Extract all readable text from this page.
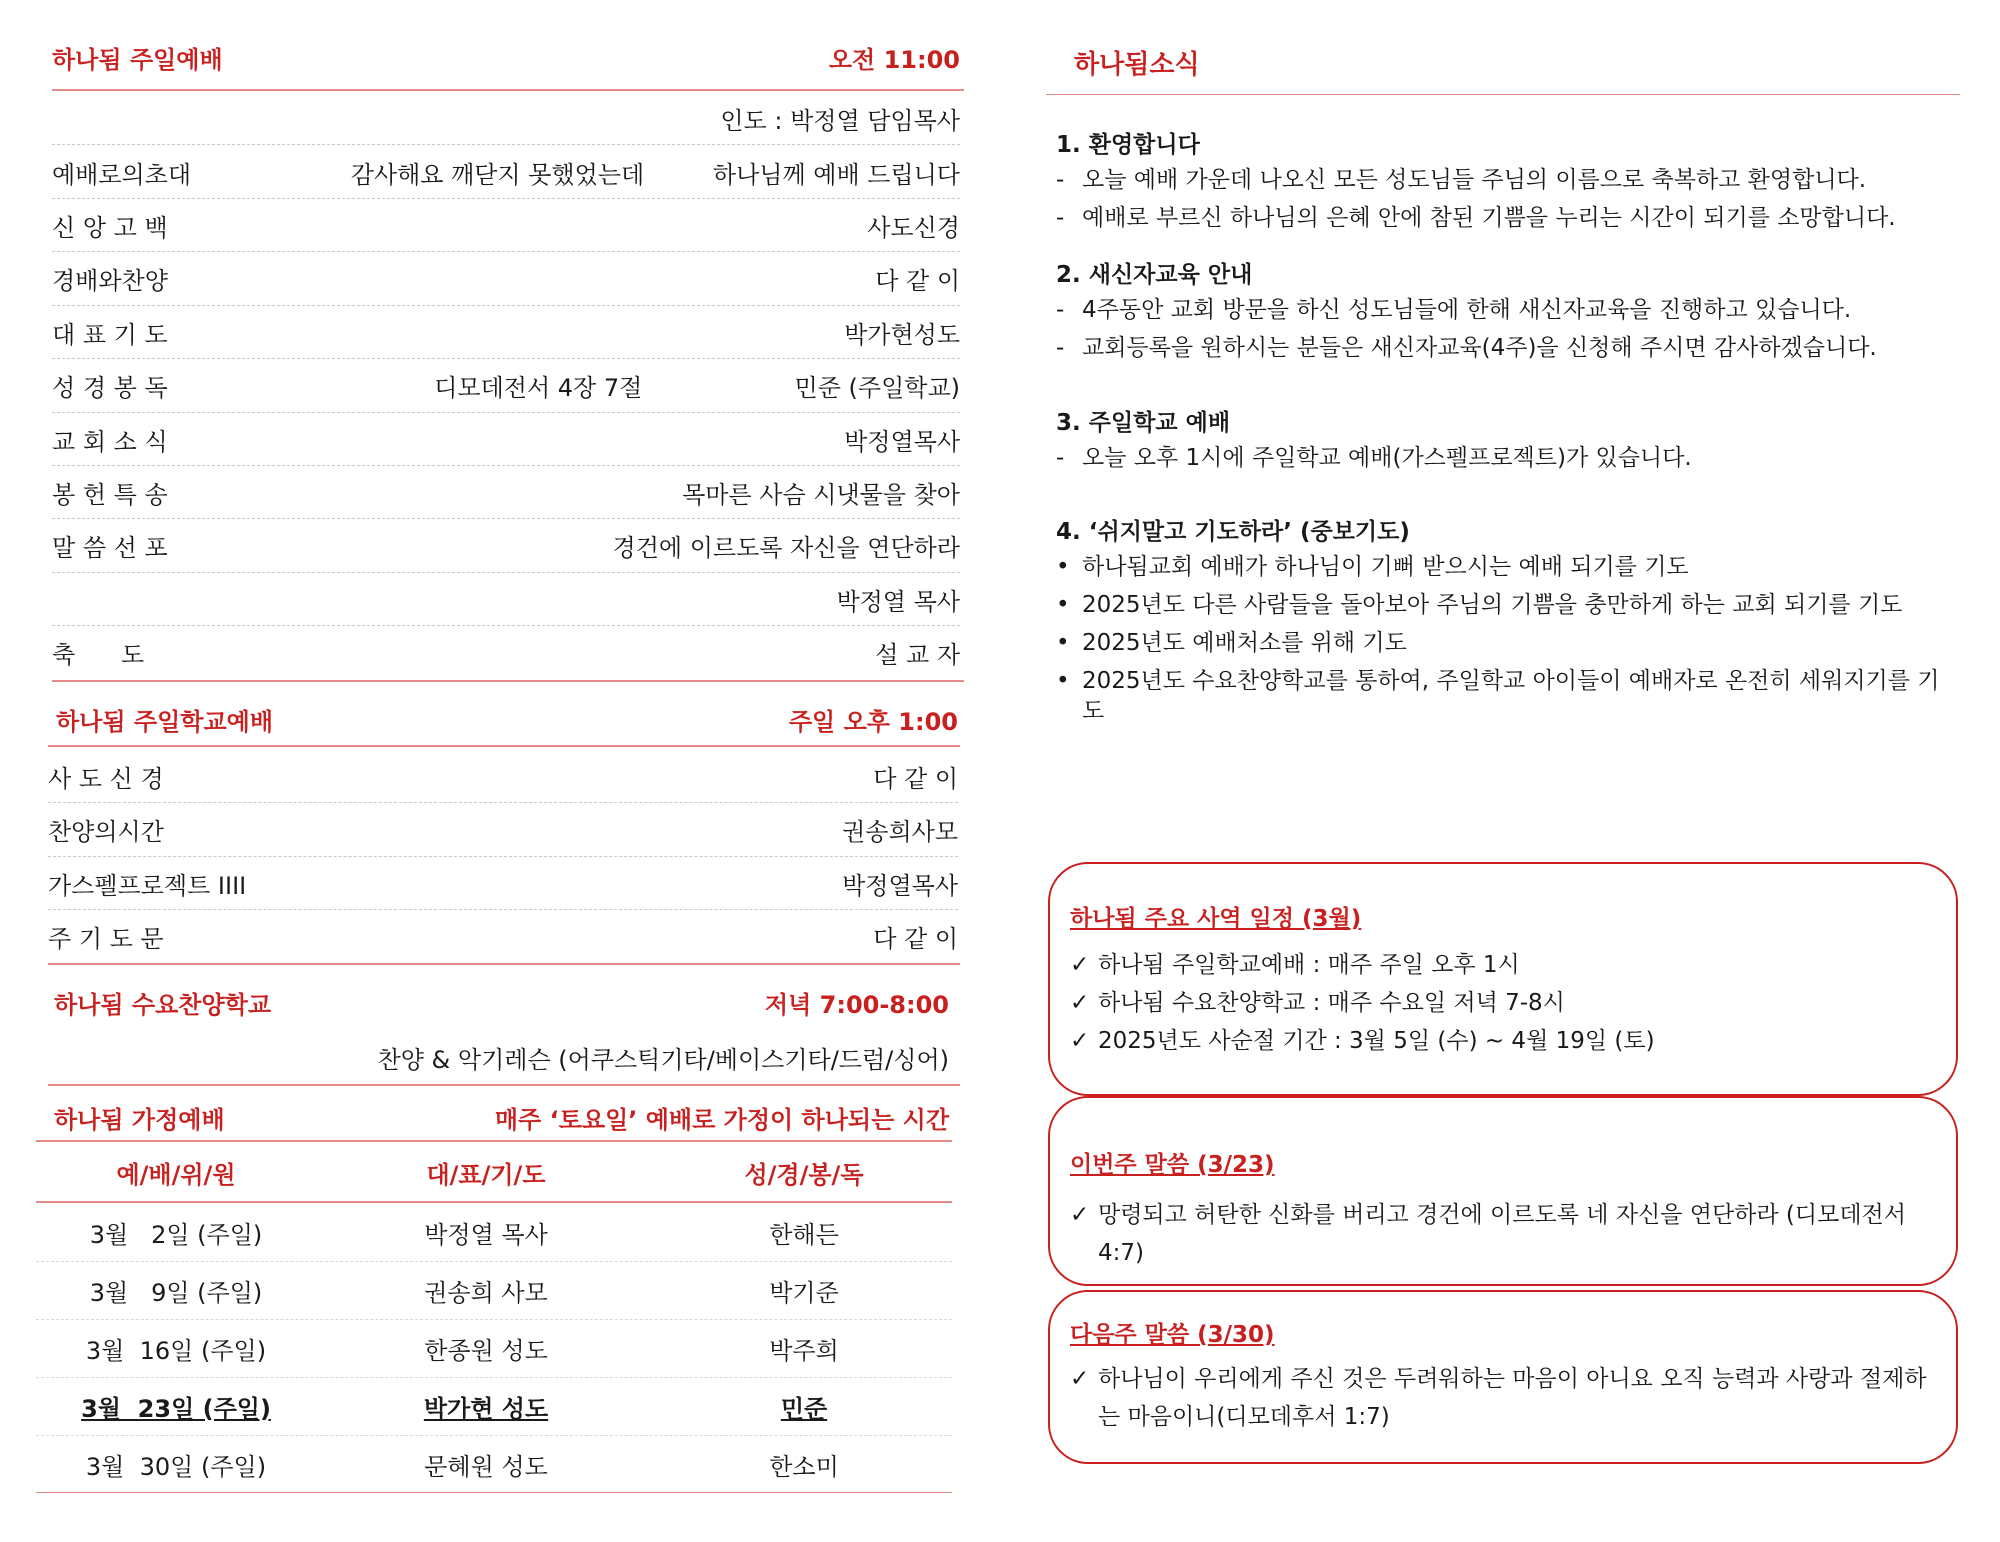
하나됨 주일예배	오전 11:00
인도 : 박정열 담임목사
예배로의초대	감사해요 깨닫지 못했었는데	하나님께 예배 드립니다
신 앙 고 백	사도신경
경배와찬양	다 같 이
대 표 기 도	박가현성도
성 경 봉 독	디모데전서 4장 7절	민준 (주일학교)
교 회 소 식	박정열목사
봉 헌 특 송	목마른 사슴 시냇물을 찾아
말 씀 선 포	경건에 이르도록 자신을 연단하라
박정열 목사
축      도	설 교 자
하나됨 주일학교예배	주일 오후 1:00
사 도 신 경	다 같 이
찬양의시간	권송희사모
가스펠프로젝트 IIII	박정열목사
주 기 도 문	다 같 이
하나됨 수요찬양학교	저녁 7:00-8:00
찬양 & 악기레슨 (어쿠스틱기타/베이스기타/드럼/싱어)
하나됨 가정예배	매주 ‘토요일’ 예배로 가정이 하나되는 시간
예/배/위/원	대/표/기/도	성/경/봉/독
3월   2일 (주일)	박정열 목사	한해든
3월   9일 (주일)	권송희 사모	박기준
3월  16일 (주일)	한종원 성도	박주희
3월  23일 (주일)	박가현 성도	민준
3월  30일 (주일)	문혜원 성도	한소미
하나됨소식
1. 환영합니다
- 오늘 예배 가운데 나오신 모든 성도님들 주님의 이름으로 축복하고 환영합니다.
- 예배로 부르신 하나님의 은혜 안에 참된 기쁨을 누리는 시간이 되기를 소망합니다.
2. 새신자교육 안내
- 4주동안 교회 방문을 하신 성도님들에 한해 새신자교육을 진행하고 있습니다.
- 교회등록을 원하시는 분들은 새신자교육(4주)을 신청해 주시면 감사하겠습니다.
3. 주일학교 예배
- 오늘 오후 1시에 주일학교 예배(가스펠프로젝트)가 있습니다.
4. ‘쉬지말고 기도하라’ (중보기도)
• 하나됨교회 예배가 하나님이 기뻐 받으시는 예배 되기를 기도
• 2025년도 다른 사람들을 돌아보아 주님의 기쁨을 충만하게 하는 교회 되기를 기도
• 2025년도 예배처소를 위해 기도
• 2025년도 수요찬양학교를 통하여, 주일학교 아이들이 예배자로 온전히 세워지기를 기도
하나됨 주요 사역 일정 (3월)
✓ 하나됨 주일학교예배 : 매주 주일 오후 1시
✓ 하나됨 수요찬양학교 : 매주 수요일 저녁 7-8시
✓ 2025년도 사순절 기간 : 3월 5일 (수) ~ 4월 19일 (토)
이번주 말씀 (3/23)
✓ 망령되고 허탄한 신화를 버리고 경건에 이르도록 네 자신을 연단하라 (디모데전서 4:7)
다음주 말씀 (3/30)
✓ 하나님이 우리에게 주신 것은 두려워하는 마음이 아니요 오직 능력과 사랑과 절제하는 마음이니(디모데후서 1:7)
